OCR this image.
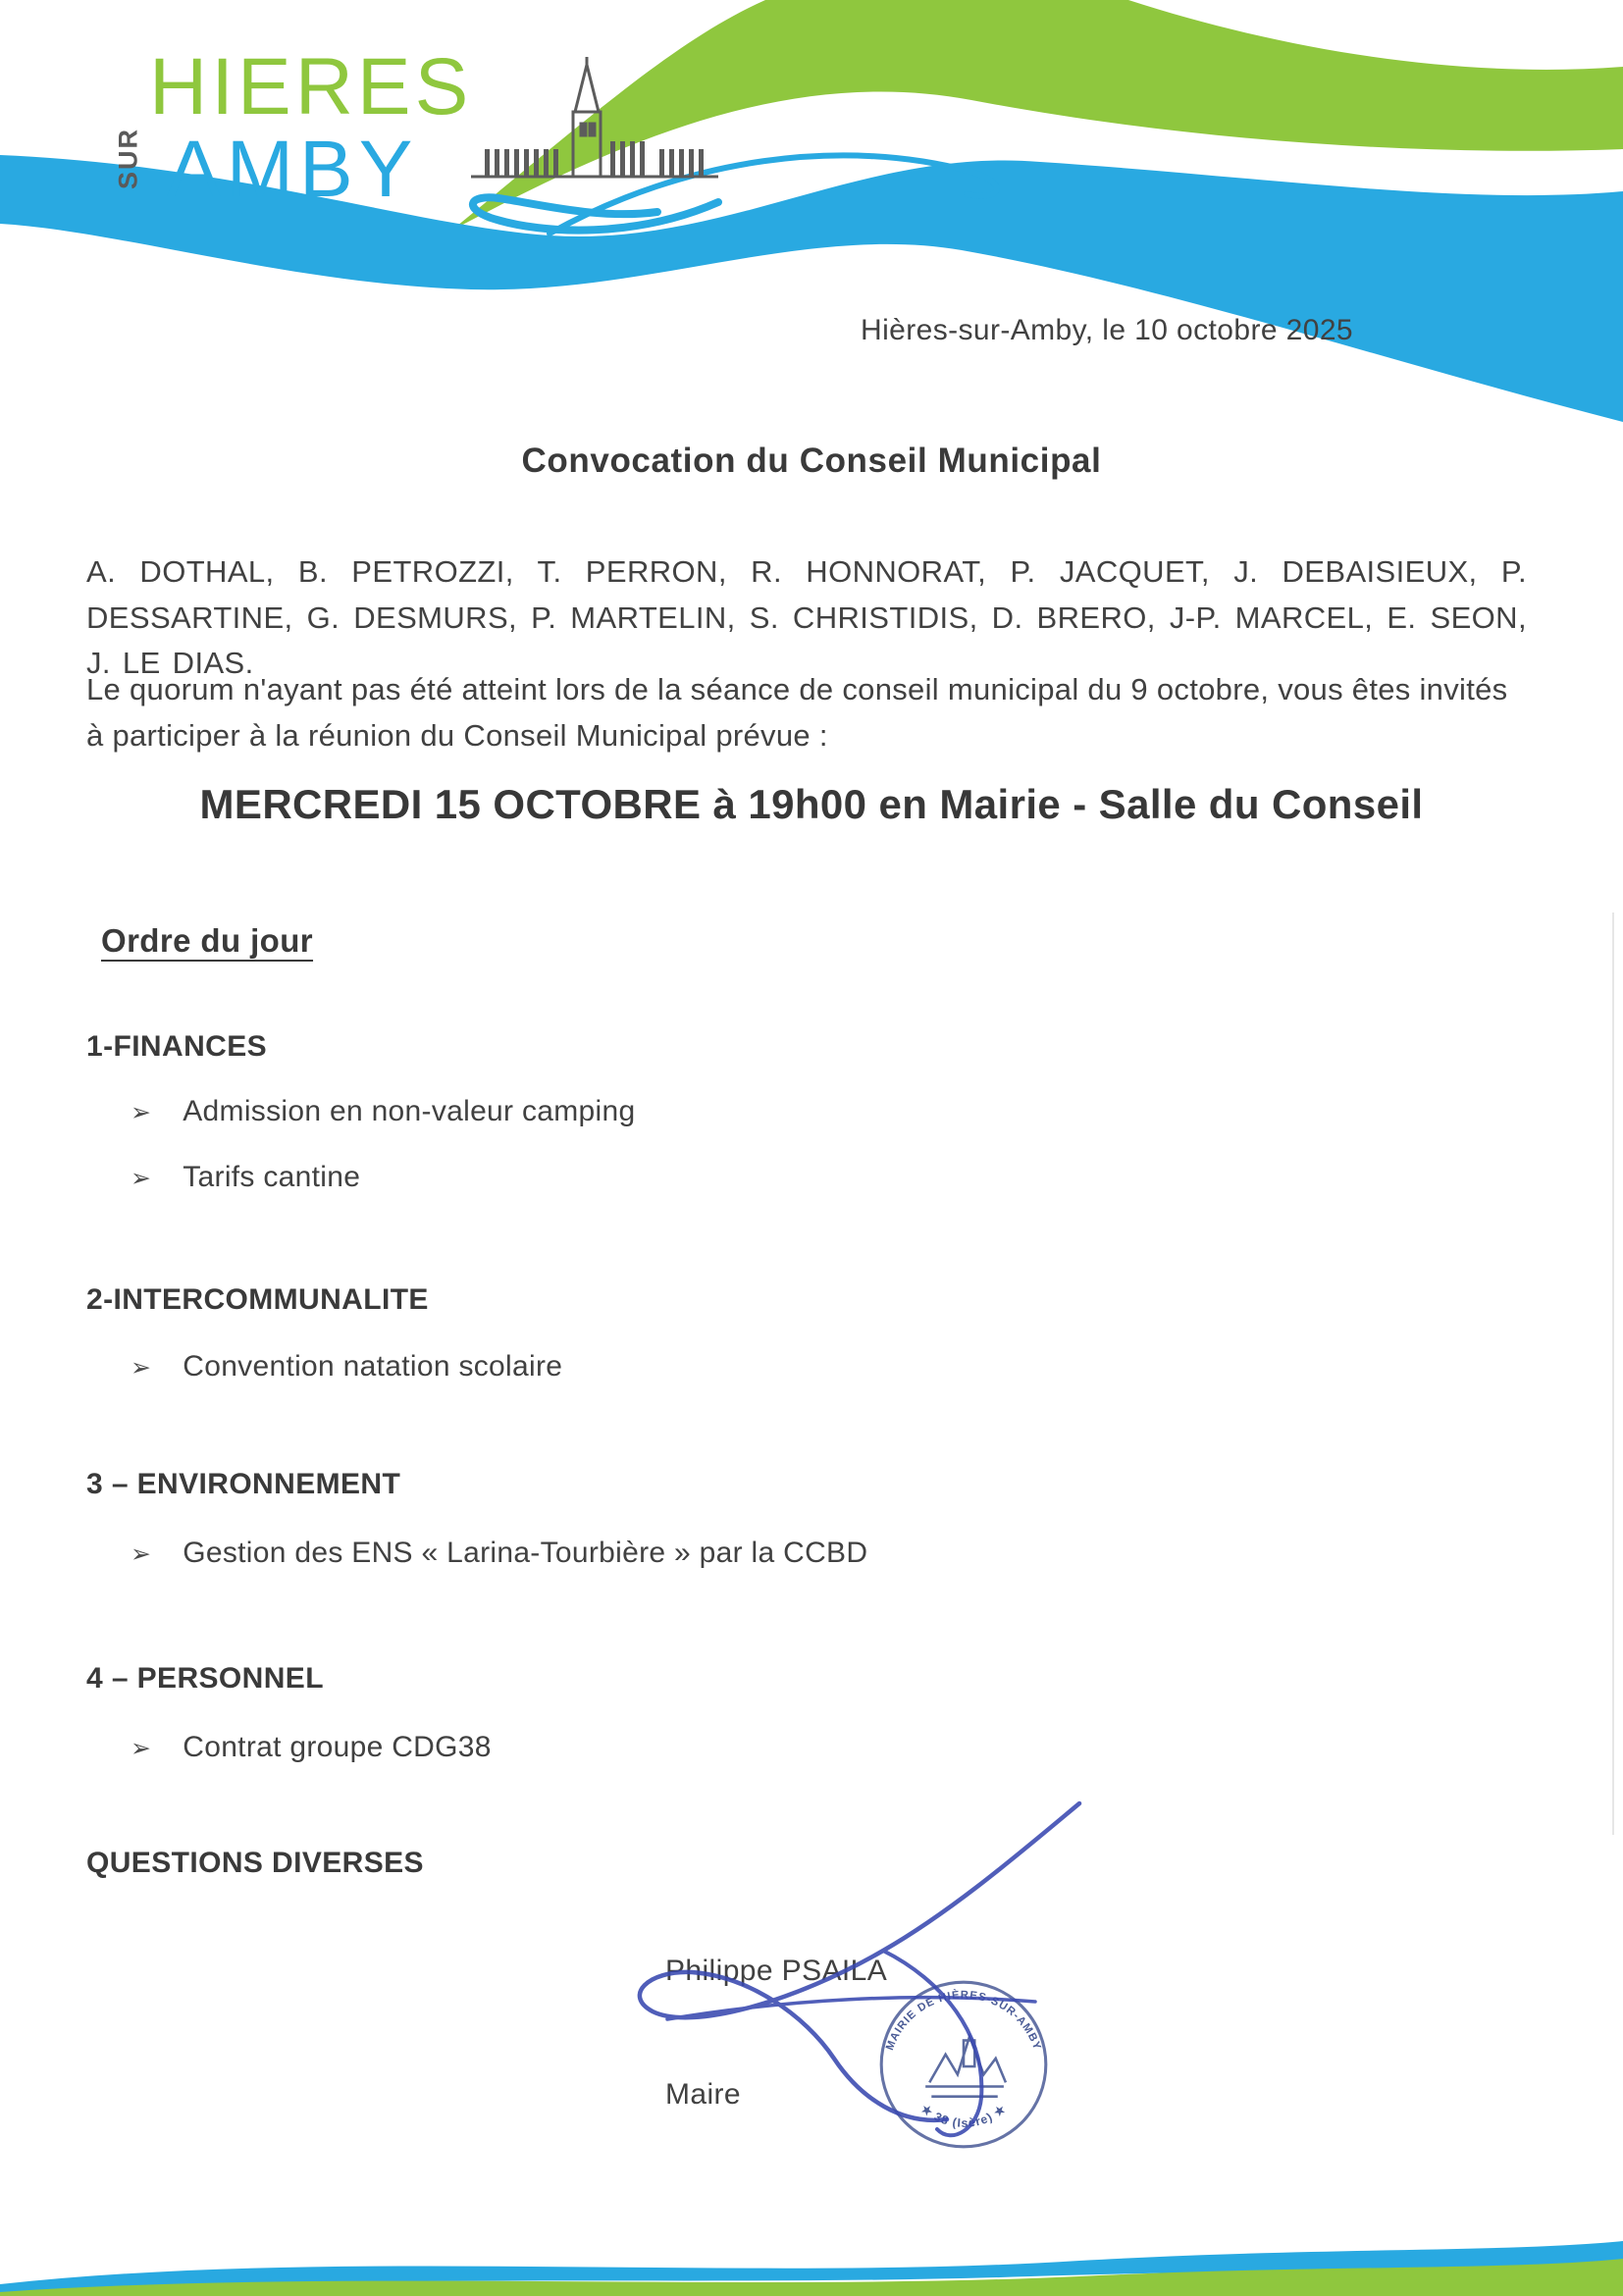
SUR
HIERES
AMBY
Hières-sur-Amby, le 10 octobre 2025
Convocation du Conseil Municipal
A. DOTHAL, B. PETROZZI, T. PERRON, R. HONNORAT, P. JACQUET, J. DEBAISIEUX, P. DESSARTINE, G. DESMURS, P. MARTELIN, S. CHRISTIDIS, D. BRERO, J-P. MARCEL, E. SEON, J. LE DIAS.
Le quorum n'ayant pas été atteint lors de la séance de conseil municipal du 9 octobre, vous êtes invités à participer à la réunion du Conseil Municipal prévue :
MERCREDI 15 OCTOBRE à 19h00 en Mairie - Salle du Conseil
Ordre du jour
1-FINANCES
➢ Admission en non-valeur camping
➢ Tarifs cantine
2-INTERCOMMUNALITE
➢ Convention natation scolaire
3 – ENVIRONNEMENT
➢ Gestion des ENS « Larina-Tourbière » par la CCBD
4 – PERSONNEL
➢ Contrat groupe CDG38
QUESTIONS DIVERSES
Philippe PSAILA
Maire
MAIRIE DE HIÈRES-SUR-AMBY
★ 38 (Isère) ★
